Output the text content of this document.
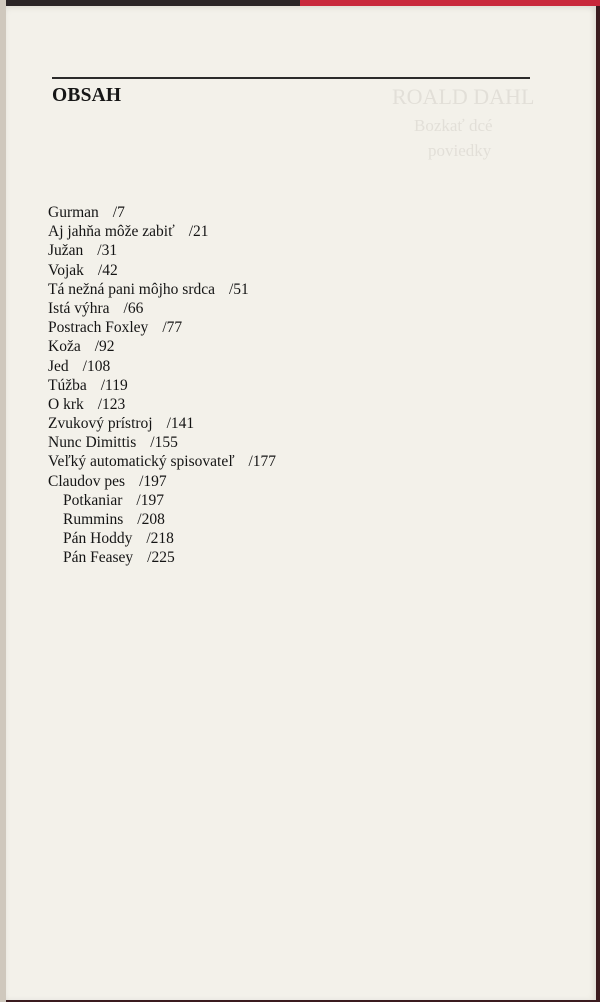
ROALD DAHL
Bozkať dcé
poviedky
OBSAH
Gurman /7
Aj jahňa môže zabiť /21
Južan /31
Vojak /42
Tá nežná pani môjho srdca /51
Istá výhra /66
Postrach Foxley /77
Koža /92
Jed /108
Túžba /119
O krk /123
Zvukový prístroj /141
Nunc Dimittis /155
Veľký automatický spisovateľ /177
Claudov pes /197
Potkaniar /197
Rummins /208
Pán Hoddy /218
Pán Feasey /225
